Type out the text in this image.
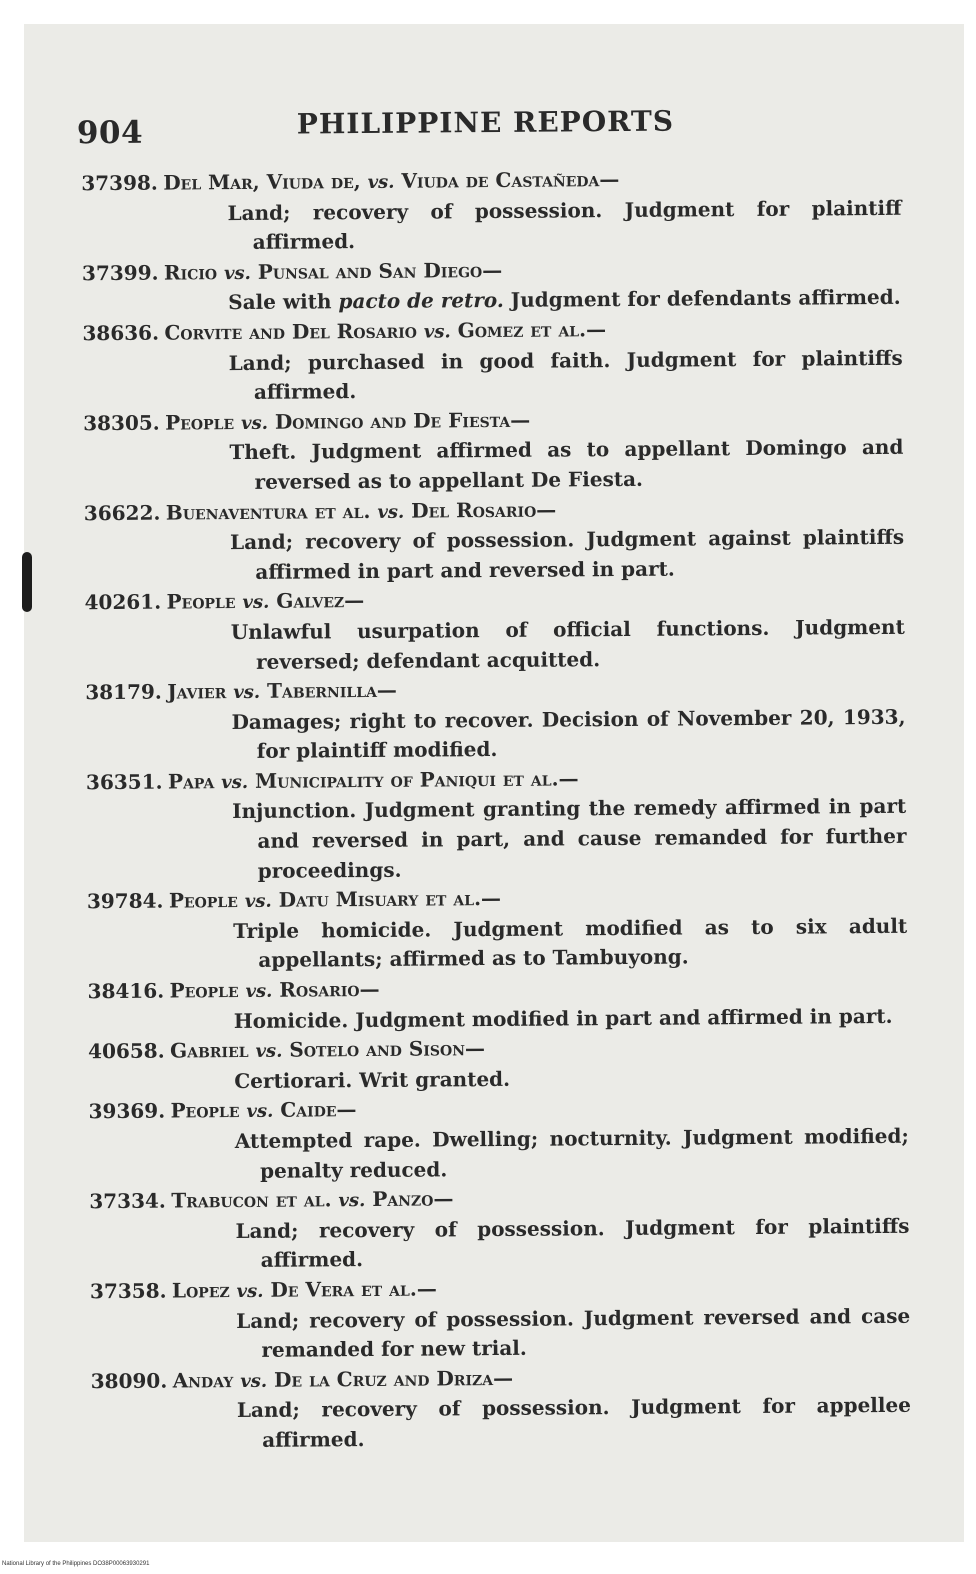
904	PHILIPPINE REPORTS
37398. Del Mar, Viuda de, vs. Viuda de Castañeda—
Land; recovery of possession. Judgment for plaintiff affirmed.
37399. Ricio vs. Punsal and San Diego—
Sale with pacto de retro. Judgment for defendants affirmed.
38636. Corvite and Del Rosario vs. Gomez et al.—
Land; purchased in good faith. Judgment for plaintiffs affirmed.
38305. People vs. Domingo and De Fiesta—
Theft. Judgment affirmed as to appellant Domingo and reversed as to appellant De Fiesta.
36622. Buenaventura et al. vs. Del Rosario—
Land; recovery of possession. Judgment against plaintiffs affirmed in part and reversed in part.
40261. People vs. Galvez—
Unlawful usurpation of official functions. Judgment reversed; defendant acquitted.
38179. Javier vs. Tabernilla—
Damages; right to recover. Decision of November 20, 1933, for plaintiff modified.
36351. Papa vs. Municipality of Paniqui et al.—
Injunction. Judgment granting the remedy affirmed in part and reversed in part, and cause remanded for further proceedings.
39784. People vs. Datu Misuary et al.—
Triple homicide. Judgment modified as to six adult appellants; affirmed as to Tambuyong.
38416. People vs. Rosario—
Homicide. Judgment modified in part and affirmed in part.
40658. Gabriel vs. Sotelo and Sison—
Certiorari. Writ granted.
39369. People vs. Caide—
Attempted rape. Dwelling; nocturnity. Judgment modified; penalty reduced.
37334. Trabucon et al. vs. Panzo—
Land; recovery of possession. Judgment for plaintiffs affirmed.
37358. Lopez vs. De Vera et al.—
Land; recovery of possession. Judgment reversed and case remanded for new trial.
38090. Anday vs. De la Cruz and Driza—
Land; recovery of possession. Judgment for appellee affirmed.
National Library of the Philippines DO38P00063930291
